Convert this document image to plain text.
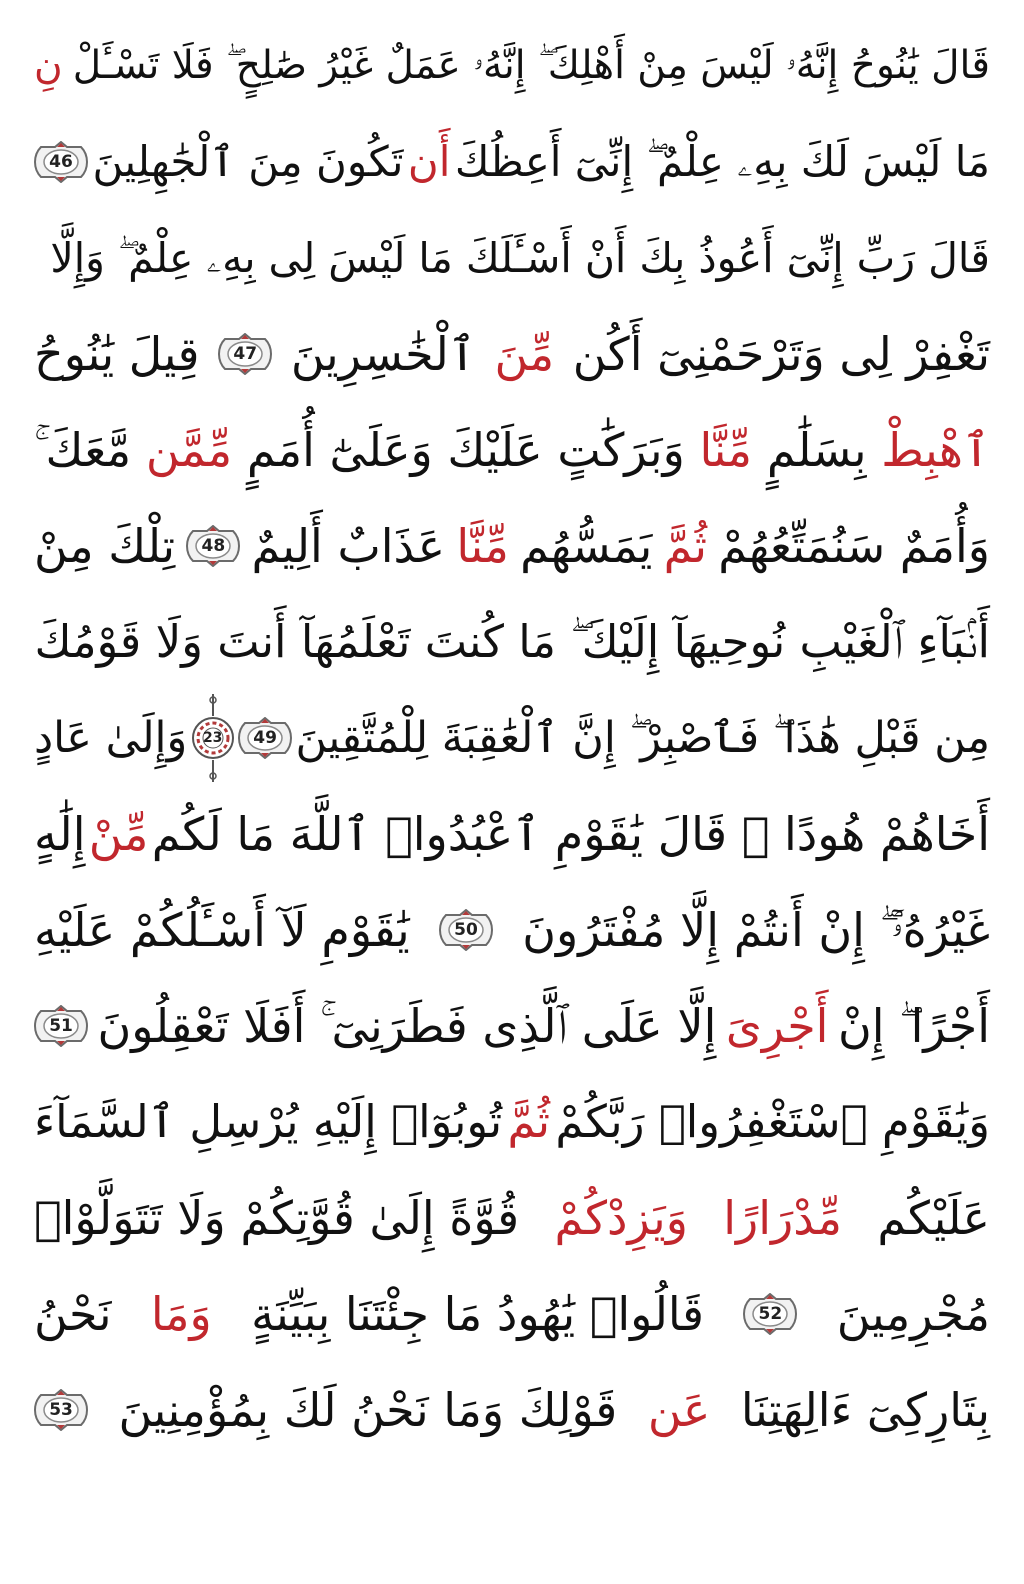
قَالَ يَٰنُوحُ إِنَّهُۥ لَيْسَ مِنْ أَهْلِكَ ۖ إِنَّهُۥ عَمَلٌ غَيْرُ صَٰلِحٍ ۖ فَلَا تَسْـَٔلْ
نِ
مَا لَيْسَ لَكَ بِهِۦ عِلْمٌ ۖ إِنِّىٓ أَعِظُكَ
أَن
تَكُونَ مِنَ ٱلْجَٰهِلِينَ
46
قَالَ رَبِّ إِنِّىٓ أَعُوذُ بِكَ أَنْ أَسْـَٔلَكَ مَا لَيْسَ لِى بِهِۦ عِلْمٌ ۖ وَإِلَّا
تَغْفِرْ لِى وَتَرْحَمْنِىٓ أَكُن
مِّنَ
ٱلْخَٰسِرِينَ
47
قِيلَ يَٰنُوحُ
ٱهْبِطْ
بِسَلَٰمٍ
مِّنَّا
وَبَرَكَٰتٍ عَلَيْكَ وَعَلَىٰٓ أُمَمٍ
مِّمَّن
مَّعَكَ ۚ
وَأُمَمٌ سَنُمَتِّعُهُمْ
ثُمَّ
يَمَسُّهُم
مِّنَّا
عَذَابٌ أَلِيمٌ
48
تِلْكَ مِنْ
أَنۢبَآءِ ٱلْغَيْبِ نُوحِيهَآ إِلَيْكَ ۖ مَا كُنتَ تَعْلَمُهَآ أَنتَ وَلَا قَوْمُكَ
مِن قَبْلِ هَٰذَا ۖ فَٱصْبِرْ ۖ إِنَّ ٱلْعَٰقِبَةَ لِلْمُتَّقِينَ
49
23
وَإِلَىٰ عَادٍ
أَخَاهُمْ هُودًا ۚ قَالَ يَٰقَوْمِ ٱعْبُدُوا۟ ٱللَّهَ مَا لَكُم
مِّنْ
إِلَٰهٍ
غَيْرُهُۥٓ ۖ إِنْ أَنتُمْ إِلَّا مُفْتَرُونَ
50
يَٰقَوْمِ لَآ أَسْـَٔلُكُمْ عَلَيْهِ
أَجْرًا ۖ إِنْ
أَجْرِىَ
إِلَّا عَلَى ٱلَّذِى فَطَرَنِىٓ ۚ أَفَلَا تَعْقِلُونَ
51
وَيَٰقَوْمِ ٱسْتَغْفِرُوا۟ رَبَّكُمْ
ثُمَّ
تُوبُوٓا۟ إِلَيْهِ يُرْسِلِ ٱلسَّمَآءَ
عَلَيْكُم
مِّدْرَارًا
وَيَزِدْكُمْ
قُوَّةً إِلَىٰ قُوَّتِكُمْ وَلَا تَتَوَلَّوْا۟
مُجْرِمِينَ
52
قَالُوا۟ يَٰهُودُ مَا جِئْتَنَا بِبَيِّنَةٍ
وَمَا
نَحْنُ
بِتَارِكِىٓ ءَالِهَتِنَا
عَن
قَوْلِكَ وَمَا نَحْنُ لَكَ بِمُؤْمِنِينَ
53
